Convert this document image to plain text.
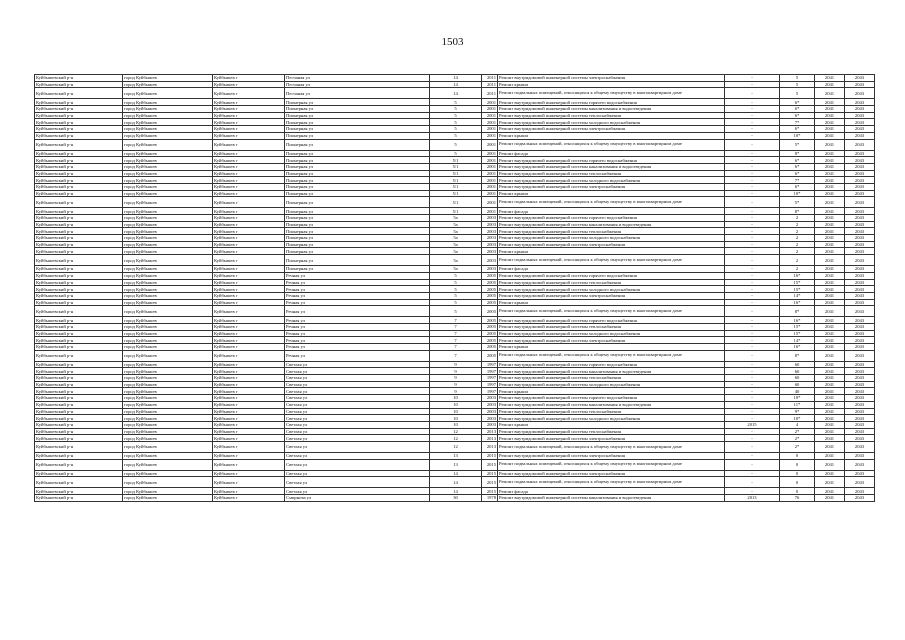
1503
Куйбышевский р-н	город Куйбышев	Куйбышев г	Песчаная ул	14	2011	Ремонт внутридомовой инженерной системы электроснабжения	-	5	2041	2043
Куйбышевский р-н	город Куйбышев	Куйбышев г	Песчаная ул	14	2011	Ремонт крыши	-	5	2041	2043
Куйбышевский р-н	город Куйбышев	Куйбышев г	Песчаная ул	14	2011	Ремонт подвальных помещений, относящихся к общему имуществу в многоквартирном доме	-	5	2041	2043
Куйбышевский р-н	город Куйбышев	Куйбышев г	Пионерная ул	5	2001	Ремонт внутридомовой инженерной системы горячего водоснабжения	-	6*	2041	2043
Куйбышевский р-н	город Куйбышев	Куйбышев г	Пионерная ул	5	2001	Ремонт внутридомовой инженерной системы канализования и водоотведения	-	6*	2041	2043
Куйбышевский р-н	город Куйбышев	Куйбышев г	Пионерная ул	5	2001	Ремонт внутридомовой инженерной системы теплоснабжения	-	6*	2041	2043
Куйбышевский р-н	город Куйбышев	Куйбышев г	Пионерная ул	5	2001	Ремонт внутридомовой инженерной системы холодного водоснабжения	-	7*	2041	2043
Куйбышевский р-н	город Куйбышев	Куйбышев г	Пионерная ул	5	2001	Ремонт внутридомовой инженерной системы электроснабжения	-	6*	2041	2043
Куйбышевский р-н	город Куйбышев	Куйбышев г	Пионерная ул	5	2001	Ремонт крыши	-	10*	2041	2043
Куйбышевский р-н	город Куйбышев	Куйбышев г	Пионерная ул	5	2001	Ремонт подвальных помещений, относящихся к общему имуществу в многоквартирном доме	-	5*	2041	2043
Куйбышевский р-н	город Куйбышев	Куйбышев г	Пионерная ул	5	2001	Ремонт фасада	-	8*	2041	2043
Куйбышевский р-н	город Куйбышев	Куйбышев г	Пионерная ул	5/1	2001	Ремонт внутридомовой инженерной системы горячего водоснабжения	-	6*	2041	2043
Куйбышевский р-н	город Куйбышев	Куйбышев г	Пионерная ул	5/1	2001	Ремонт внутридомовой инженерной системы канализования и водоотведения	-	6*	2041	2043
Куйбышевский р-н	город Куйбышев	Куйбышев г	Пионерная ул	5/1	2001	Ремонт внутридомовой инженерной системы теплоснабжения	-	6*	2041	2043
Куйбышевский р-н	город Куйбышев	Куйбышев г	Пионерная ул	5/1	2001	Ремонт внутридомовой инженерной системы холодного водоснабжения	-	7*	2041	2043
Куйбышевский р-н	город Куйбышев	Куйбышев г	Пионерная ул	5/1	2001	Ремонт внутридомовой инженерной системы электроснабжения	-	6*	2041	2043
Куйбышевский р-н	город Куйбышев	Куйбышев г	Пионерная ул	5/1	2001	Ремонт крыши	-	10*	2041	2043
Куйбышевский р-н	город Куйбышев	Куйбышев г	Пионерная ул	5/1	2001	Ремонт подвальных помещений, относящихся к общему имуществу в многоквартирном доме	-	5*	2041	2043
Куйбышевский р-н	город Куйбышев	Куйбышев г	Пионерная ул	5/1	2001	Ремонт фасада	-	8*	2041	2043
Куйбышевский р-н	город Куйбышев	Куйбышев г	Пионерная ул	5а	2003	Ремонт внутридомовой инженерной системы горячего водоснабжения	-	2	2041	2043
Куйбышевский р-н	город Куйбышев	Куйбышев г	Пионерная ул	5а	2003	Ремонт внутридомовой инженерной системы канализования и водоотведения	-	2	2041	2043
Куйбышевский р-н	город Куйбышев	Куйбышев г	Пионерная ул	5а	2003	Ремонт внутридомовой инженерной системы теплоснабжения	-	2	2041	2043
Куйбышевский р-н	город Куйбышев	Куйбышев г	Пионерная ул	5а	2003	Ремонт внутридомовой инженерной системы холодного водоснабжения	-	2	2041	2043
Куйбышевский р-н	город Куйбышев	Куйбышев г	Пионерная ул	5а	2003	Ремонт внутридомовой инженерной системы электроснабжения	-	2	2041	2043
Куйбышевский р-н	город Куйбышев	Куйбышев г	Пионерная ул	5а	2003	Ремонт крыши	-	2	2041	2043
Куйбышевский р-н	город Куйбышев	Куйбышев г	Пионерная ул	5а	2003	Ремонт подвальных помещений, относящихся к общему имуществу в многоквартирном доме	-	2	2041	2043
Куйбышевский р-н	город Куйбышев	Куйбышев г	Пионерная ул	5а	2003	Ремонт фасада	-	2	2041	2043
Куйбышевский р-н	город Куйбышев	Куйбышев г	Речная ул	5	2005	Ремонт внутридомовой инженерной системы горячего водоснабжения	-	16*	2041	2043
Куйбышевский р-н	город Куйбышев	Куйбышев г	Речная ул	5	2005	Ремонт внутридомовой инженерной системы теплоснабжения	-	15*	2041	2043
Куйбышевский р-н	город Куйбышев	Куйбышев г	Речная ул	5	2005	Ремонт внутридомовой инженерной системы холодного водоснабжения	-	15*	2041	2043
Куйбышевский р-н	город Куйбышев	Куйбышев г	Речная ул	5	2005	Ремонт внутридомовой инженерной системы электроснабжения	-	14*	2041	2043
Куйбышевский р-н	город Куйбышев	Куйбышев г	Речная ул	5	2005	Ремонт крыши	-	16*	2041	2043
Куйбышевский р-н	город Куйбышев	Куйбышев г	Речная ул	5	2005	Ремонт подвальных помещений, относящихся к общему имуществу в многоквартирном доме	-	8*	2041	2043
Куйбышевский р-н	город Куйбышев	Куйбышев г	Речная ул	7	2005	Ремонт внутридомовой инженерной системы горячего водоснабжения	-	16*	2041	2043
Куйбышевский р-н	город Куйбышев	Куйбышев г	Речная ул	7	2005	Ремонт внутридомовой инженерной системы теплоснабжения	-	15*	2041	2043
Куйбышевский р-н	город Куйбышев	Куйбышев г	Речная ул	7	2005	Ремонт внутридомовой инженерной системы холодного водоснабжения	-	15*	2041	2043
Куйбышевский р-н	город Куйбышев	Куйбышев г	Речная ул	7	2005	Ремонт внутридомовой инженерной системы электроснабжения	-	14*	2041	2043
Куйбышевский р-н	город Куйбышев	Куйбышев г	Речная ул	7	2005	Ремонт крыши	-	16*	2041	2043
Куйбышевский р-н	город Куйбышев	Куйбышев г	Речная ул	7	2005	Ремонт подвальных помещений, относящихся к общему имуществу в многоквартирном доме	-	8*	2041	2043
Куйбышевский р-н	город Куйбышев	Куйбышев г	Светлая ул	9	1997	Ремонт внутридомовой инженерной системы горячего водоснабжения	-	60	2041	2043
Куйбышевский р-н	город Куйбышев	Куйбышев г	Светлая ул	9	1997	Ремонт внутридомовой инженерной системы канализования и водоотведения	-	60	2041	2043
Куйбышевский р-н	город Куйбышев	Куйбышев г	Светлая ул	9	1997	Ремонт внутридомовой инженерной системы теплоснабжения	-	60	2041	2043
Куйбышевский р-н	город Куйбышев	Куйбышев г	Светлая ул	9	1997	Ремонт внутридомовой инженерной системы холодного водоснабжения	-	60	2041	2043
Куйбышевский р-н	город Куйбышев	Куйбышев г	Светлая ул	9	1997	Ремонт крыши	-	40	2041	2043
Куйбышевский р-н	город Куйбышев	Куйбышев г	Светлая ул	10	2003	Ремонт внутридомовой инженерной системы горячего водоснабжения	-	10*	2041	2043
Куйбышевский р-н	город Куйбышев	Куйбышев г	Светлая ул	10	2003	Ремонт внутридомовой инженерной системы канализования и водоотведения	-	11*	2041	2043
Куйбышевский р-н	город Куйбышев	Куйбышев г	Светлая ул	10	2003	Ремонт внутридомовой инженерной системы теплоснабжения	-	9*	2041	2043
Куйбышевский р-н	город Куйбышев	Куйбышев г	Светлая ул	10	2003	Ремонт внутридомовой инженерной системы холодного водоснабжения	-	10*	2041	2043
Куйбышевский р-н	город Куйбышев	Куйбышев г	Светлая ул	10	2003	Ремонт крыши	2015	4	2041	2043
Куйбышевский р-н	город Куйбышев	Куйбышев г	Светлая ул	12	2013	Ремонт внутридомовой инженерной системы теплоснабжения	-	2*	2041	2043
Куйбышевский р-н	город Куйбышев	Куйбышев г	Светлая ул	12	2013	Ремонт внутридомовой инженерной системы электроснабжения	-	2*	2041	2043
Куйбышевский р-н	город Куйбышев	Куйбышев г	Светлая ул	12	2013	Ремонт подвальных помещений, относящихся к общему имуществу в многоквартирном доме	-	2*	2041	2043
Куйбышевский р-н	город Куйбышев	Куйбышев г	Светлая ул	13	2015	Ремонт внутридомовой инженерной системы электроснабжения	-	0	2041	2043
Куйбышевский р-н	город Куйбышев	Куйбышев г	Светлая ул	13	2015	Ремонт подвальных помещений, относящихся к общему имуществу в многоквартирном доме	-	0	2041	2043
Куйбышевский р-н	город Куйбышев	Куйбышев г	Светлая ул	14	2015	Ремонт внутридомовой инженерной системы электроснабжения	-	0	2041	2043
Куйбышевский р-н	город Куйбышев	Куйбышев г	Светлая ул	14	2015	Ремонт подвальных помещений, относящихся к общему имуществу в многоквартирном доме	-	0	2041	2043
Куйбышевский р-н	город Куйбышев	Куйбышев г	Светлая ул	14	2015	Ремонт фасада	-	0	2041	2043
Куйбышевский р-н	город Куйбышев	Куйбышев г	Смирнова ул	30	1978	Ремонт внутридомовой инженерной системы канализования и водоотведения	2013	76	2041	2043
